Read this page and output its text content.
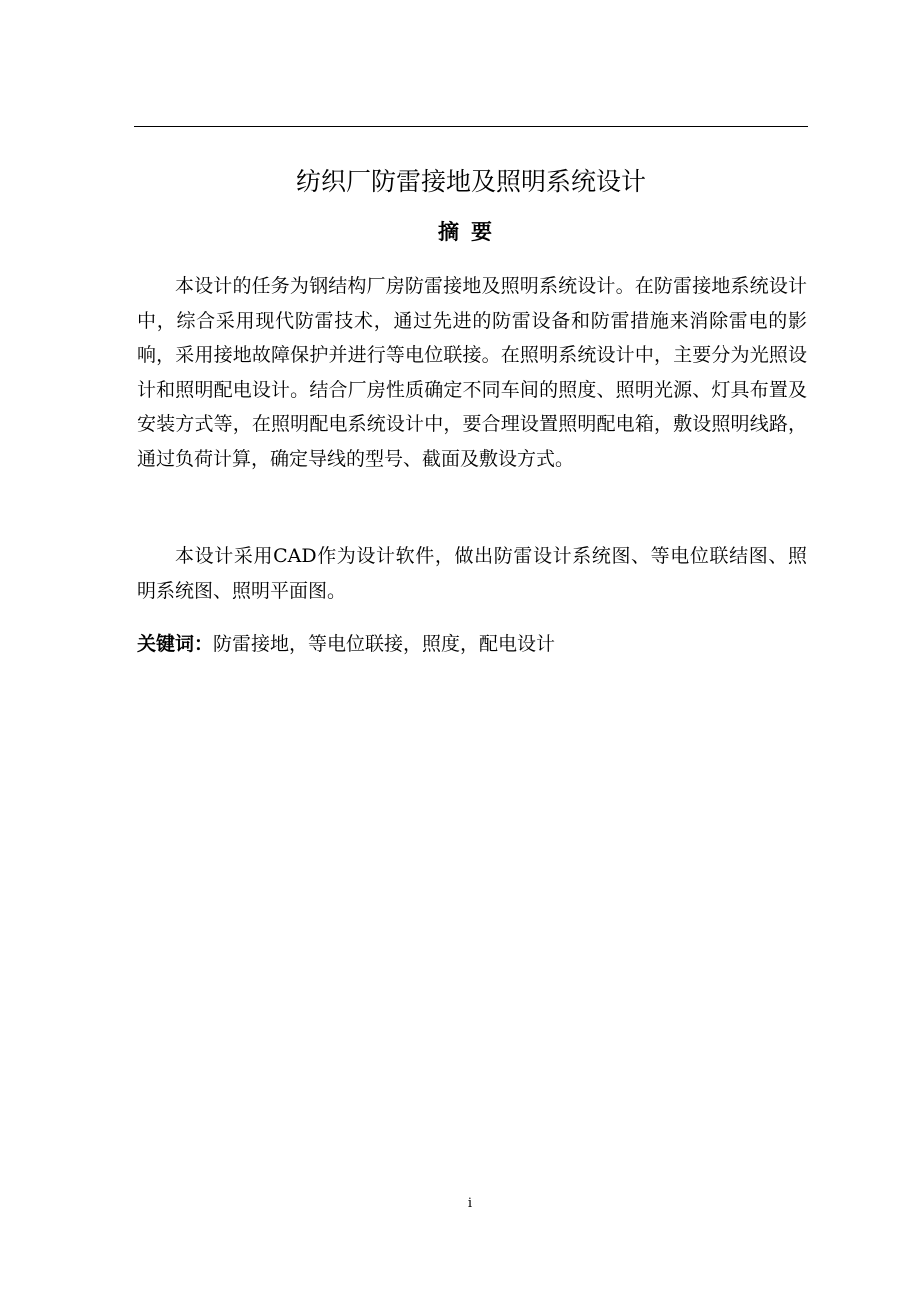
纺织厂防雷接地及照明系统设计
摘要

本设计的任务为钢结构厂房防雷接地及照明系统设计。在防雷接地系统设计中，综合采用现代防雷技术，通过先进的防雷设备和防雷措施来消除雷电的影响，采用接地故障保护并进行等电位联接。在照明系统设计中，主要分为光照设计和照明配电设计。结合厂房性质确定不同车间的照度、照明光源、灯具布置及安装方式等，在照明配电系统设计中，要合理设置照明配电箱，敷设照明线路，通过负荷计算，确定导线的型号、截面及敷设方式。

本设计采用CAD作为设计软件，做出防雷设计系统图、等电位联结图、照明系统图、照明平面图。

关键词：防雷接地，等电位联接，照度，配电设计

i
